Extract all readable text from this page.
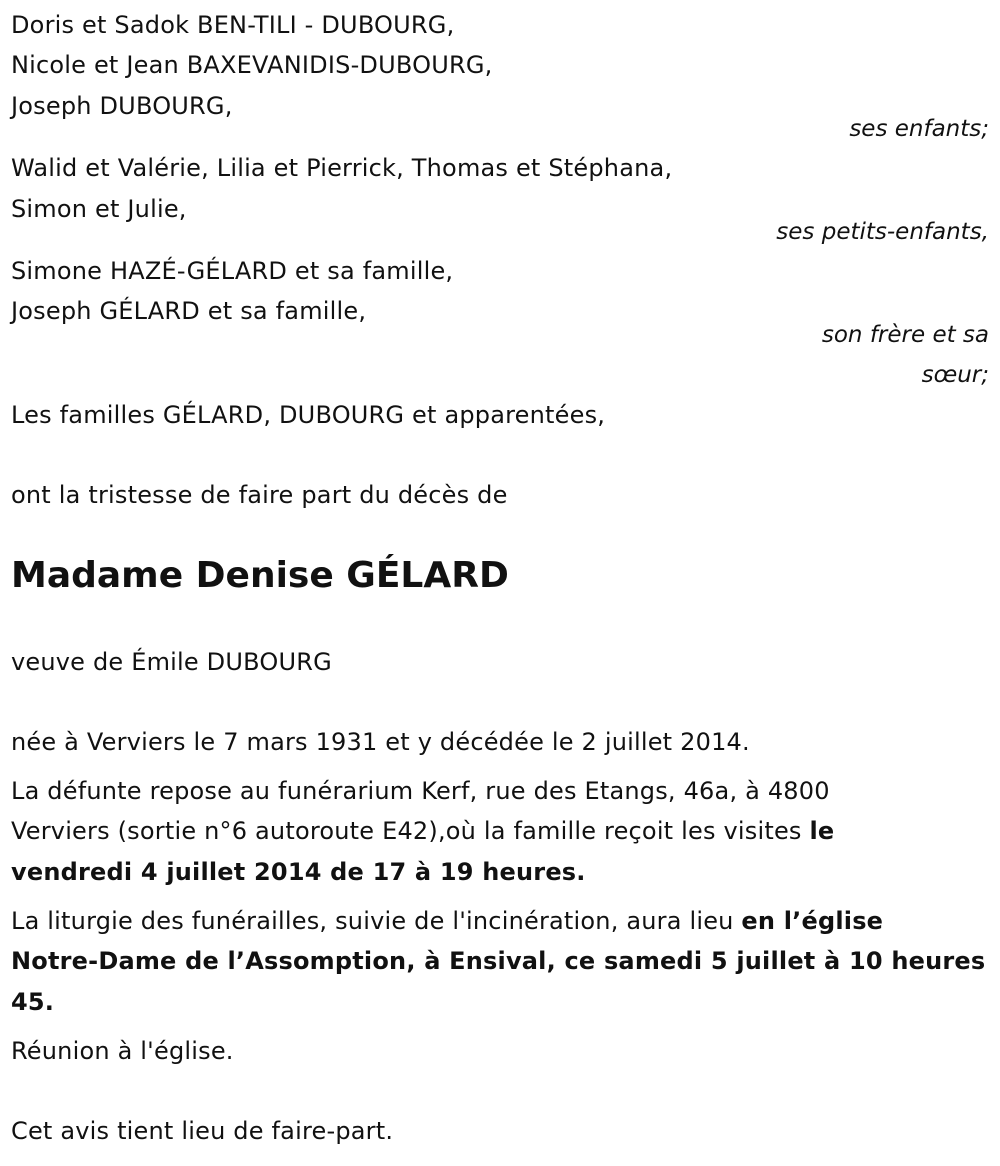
Doris et Sadok BEN-TILI - DUBOURG,
Nicole et Jean BAXEVANIDIS-DUBOURG,
Joseph DUBOURG,
ses enfants;
Walid et Valérie, Lilia et Pierrick, Thomas et Stéphana,
Simon et Julie,
ses petits-enfants,
Simone HAZÉ-GÉLARD et sa famille,
Joseph GÉLARD et sa famille,
son frère et sa
sœur;
Les familles GÉLARD, DUBOURG et apparentées,
ont la tristesse de faire part du décès de
Madame Denise GÉLARD
veuve de Émile DUBOURG
née à Verviers le 7 mars 1931 et y décédée le 2 juillet 2014.
La défunte repose au funérarium Kerf, rue des Etangs, 46a, à 4800
Verviers (sortie n°6 autoroute E42),où la famille reçoit les visites le
vendredi 4 juillet 2014 de 17 à 19 heures.
La liturgie des funérailles, suivie de l'incinération, aura lieu en l’église
Notre-Dame de l’Assomption, à Ensival, ce samedi 5 juillet à 10 heures
45.
Réunion à l'église.
Cet avis tient lieu de faire-part.
